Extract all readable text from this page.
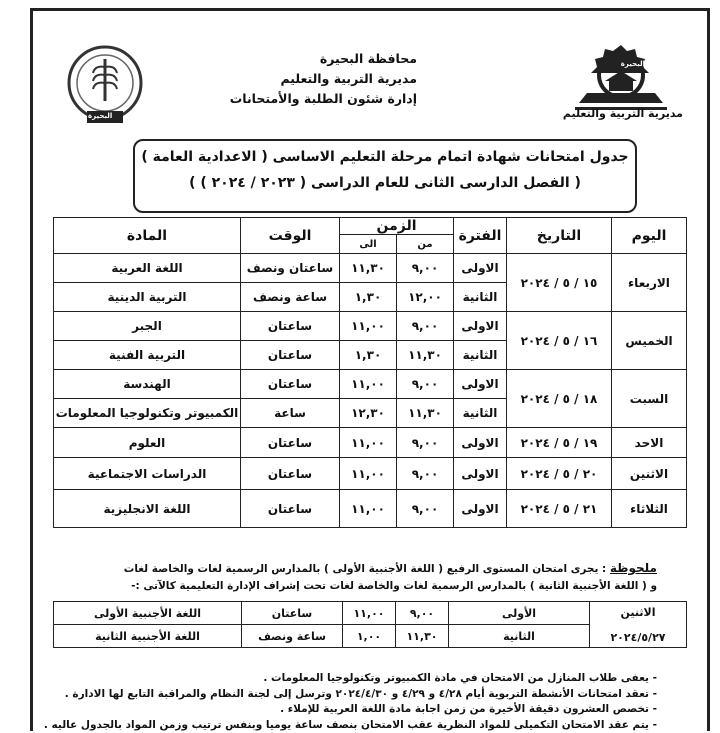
البحيرة
محافظة البحيرة
مديرية التربية والتعليم
إدارة شئون الطلبة والأمتحانات
البحيرة
مديرية التربية والتعليم
جدول امتحانات شهادة اتمام مرحلة التعليم الاساسى ( الاعدادية العامة )
( الفصل الدارسى الثانى للعام الدراسى ( ٢٠٢٣ / ٢٠٢٤ ) )
اليوم	التاريخ	الفترة	الزمن		الوقت	المادة
			من	الى		
الاربعاء	١٥ / ٥ / ٢٠٢٤	الاولى	٩,٠٠	١١,٣٠	ساعتان ونصف	اللغة العربية
		الثانية	١٢,٠٠	١,٣٠	ساعة ونصف	التربية الدينية
الخميس	١٦ / ٥ / ٢٠٢٤	الاولى	٩,٠٠	١١,٠٠	ساعتان	الجبر
		الثانية	١١,٣٠	١,٣٠	ساعتان	التربية الفنية
السبت	١٨ / ٥ / ٢٠٢٤	الاولى	٩,٠٠	١١,٠٠	ساعتان	الهندسة
		الثانية	١١,٣٠	١٢,٣٠	ساعة	الكمبيوتر وتكنولوجيا المعلومات
الاحد	١٩ / ٥ / ٢٠٢٤	الاولى	٩,٠٠	١١,٠٠	ساعتان	العلوم
الاثنين	٢٠ / ٥ / ٢٠٢٤	الاولى	٩,٠٠	١١,٠٠	ساعتان	الدراسات الاجتماعية
الثلاثاء	٢١ / ٥ / ٢٠٢٤	الاولى	٩,٠٠	١١,٠٠	ساعتان	اللغة الانجليزية
ملحوظة : يجرى امتحان المستوى الرفيع ( اللغة الأجنبية الأولى ) بالمدارس الرسمية لغات والخاصة لغات
و ( اللغة الأجنبية الثانية ) بالمدارس الرسمية لغات والخاصة لغات تحت إشراف الإدارة التعليمية كالآتى :-
الاثنين
٢٠٢٤/٥/٢٧	الأولى	٩,٠٠	١١,٠٠	ساعتان	اللغة الأجنبية الأولى
	الثانية	١١,٣٠	١,٠٠	ساعة ونصف	اللغة الأجنبية الثانية
- يعفى طلاب المنازل من الامتحان في مادة الكمبيوتر وتكنولوجيا المعلومات .
- تعقد امتحانات الأنشطة التربوية أيام ٤/٢٨ و ٤/٢٩ و ٢٠٢٤/٤/٣٠ وترسل إلى لجنة النظام والمراقبة التابع لها الادارة .
- تخصص العشرون دقيقة الأخيرة من زمن اجابة مادة اللغة العربية للإملاء .
- يتم عقد الامتحان التكميلى للمواد النظرية عقب الامتحان بنصف ساعة يوميا وبنفس ترتيب وزمن المواد بالجدول عاليه .
